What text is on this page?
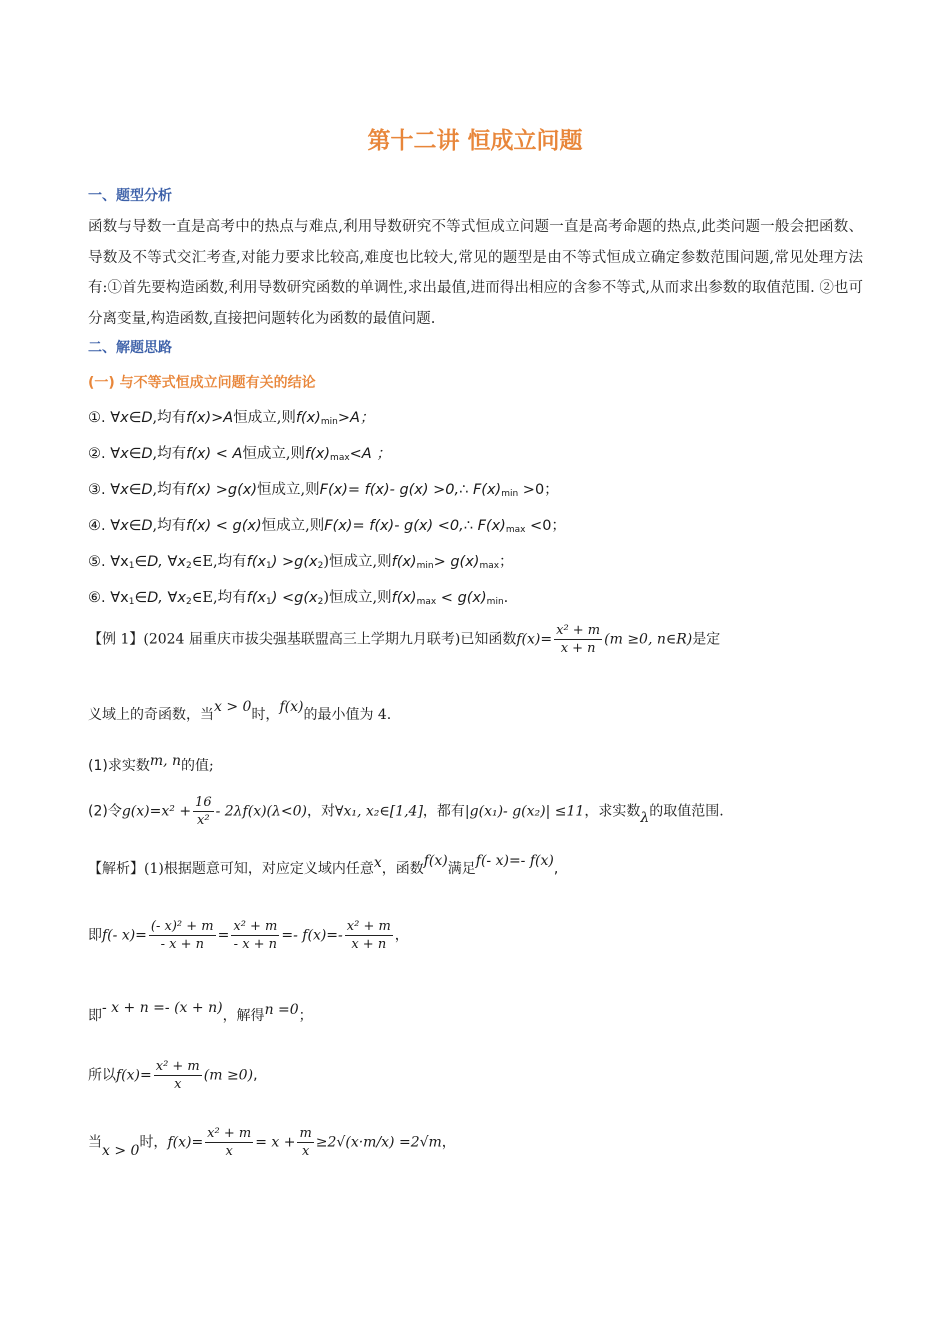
第十二讲 恒成立问题
一、题型分析
函数与导数一直是高考中的热点与难点,利用导数研究不等式恒成立问题一直是高考命题的热点,此类问题一般会把函数、导数及不等式交汇考查,对能力要求比较高,难度也比较大,常见的题型是由不等式恒成立确定参数范围问题,常见处理方法有:①首先要构造函数,利用导数研究函数的单调性,求出最值,进而得出相应的含参不等式,从而求出参数的取值范围. ②也可分离变量,构造函数,直接把问题转化为函数的最值问题.
二、解题思路
(一) 与不等式恒成立问题有关的结论
①. ∀x∈D,均有f(x)>A恒成立,则$f(x)_{min}>A$；
②. ∀x∈D,均有f(x) < A恒成立,则$f(x)_{max}<A$ ；
③. ∀x∈D,均有f(x) >g(x)恒成立,则F(x)= f(x)- g(x) >0,∴ $F(x)_{min} >0$；
④. ∀x∈D,均有f(x) < g(x)恒成立,则F(x)= f(x)- g(x) <0,∴ $F(x)_{max} <0$；
⑤. $\forall x_1\in D$, $\forall x_2\in E$,均有$f(x_1) >g(x_2)$恒成立,则$f(x)_{min}> g(x)_{max}$；
⑥. $\forall x_1\in D$, $\forall x_2\in E$,均有$f(x_1) <g(x_2)$恒成立,则$f(x)_{max} < g(x)_{min}$.
【例 1】(2024 届重庆市拔尖强基联盟高三上学期九月联考)已知函数$f(x)= \frac{\text{x² + m}}{x + n} (m \ge 0$, n∈R)是定
义域上的奇函数，当x > 0时，f(x)的最小值为 4.
(1)求实数m, n的值;
(2)令$g(x)=x^2 + \frac{16}{\text{x²}} - 2\lambda f(x)(\lambda<0)$，对∀x₁, x₂∈[1,4]，都有|g(x₁)- g(x₂)| ≤11，求实数λ的取值范围.
【解析】(1)根据题意可知，对应定义域内任意x，函数f(x)满足f(- x)=- f(x),
即f(- $x)= \frac{\text{(- x)² + m}}{- x + n} = \frac{\text{x² + m}}{- x + n} =- f(x)=- \frac{\text{x² + m}}{x + n}$ ，
即- x + n =- (x + n)，解得n =0；
所以$f(x)= \frac{\text{x² + m}}{x} (m \ge 0)$,
当x > 0时，$f(x)= \frac{\text{x² + m}}{x} = x + \frac{m}{x} \ge 2√(x\cdot m/x) =2√m$，
